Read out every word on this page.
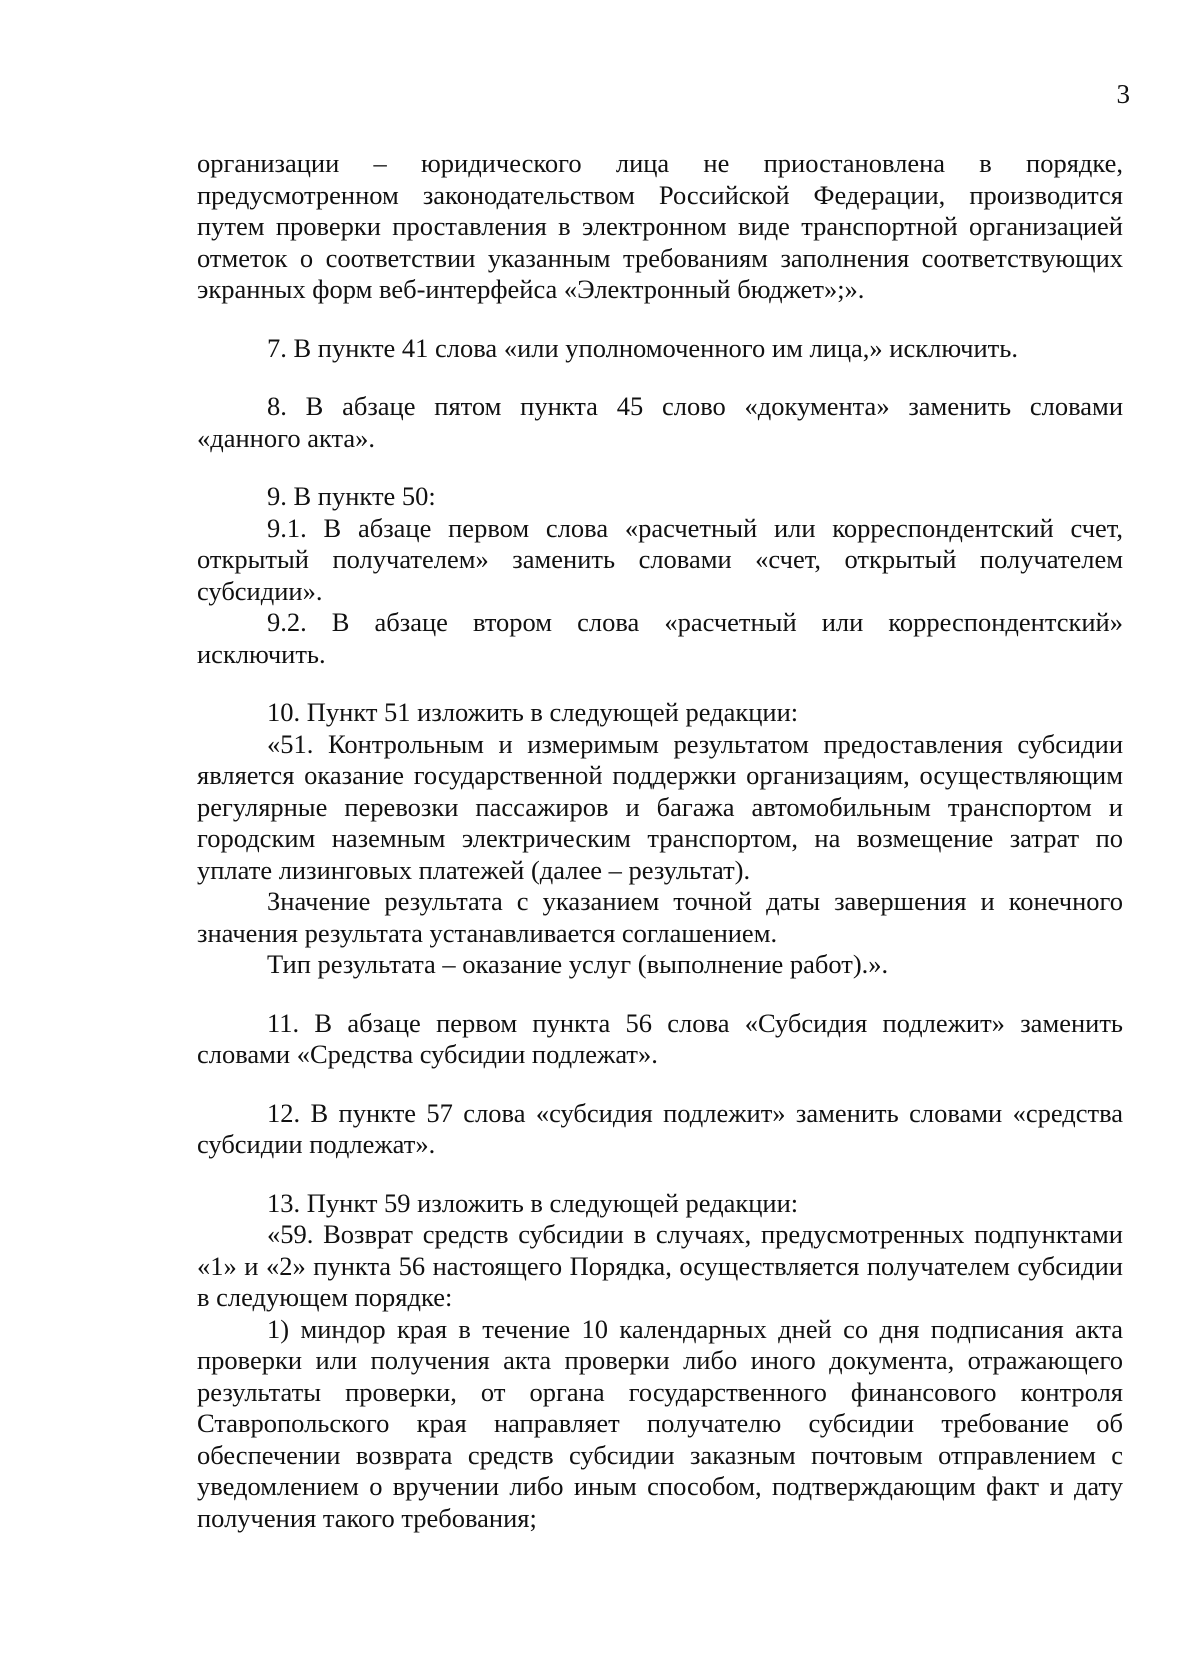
3

организации – юридического лица не приостановлена в порядке, предусмотренном законодательством Российской Федерации, производится путем проверки проставления в электронном виде транспортной организацией отметок о соответствии указанным требованиям заполнения соответствующих экранных форм веб-интерфейса «Электронный бюджет»;».

7. В пункте 41 слова «или уполномоченного им лица,» исключить.

8. В абзаце пятом пункта 45 слово «документа» заменить словами «данного акта».

9. В пункте 50:

9.1. В абзаце первом слова «расчетный или корреспондентский счет, открытый получателем» заменить словами «счет, открытый получателем субсидии».

9.2. В абзаце втором слова «расчетный или корреспондентский» исключить.

10. Пункт 51 изложить в следующей редакции:

«51. Контрольным и измеримым результатом предоставления субсидии является оказание государственной поддержки организациям, осуществляющим регулярные перевозки пассажиров и багажа автомобильным транспортом и городским наземным электрическим транспортом, на возмещение затрат по уплате лизинговых платежей (далее – результат).

Значение результата с указанием точной даты завершения и конечного значения результата устанавливается соглашением.

Тип результата – оказание услуг (выполнение работ).».

11. В абзаце первом пункта 56 слова «Субсидия подлежит» заменить словами «Средства субсидии подлежат».

12. В пункте 57 слова «субсидия подлежит» заменить словами «средства субсидии подлежат».

13. Пункт 59 изложить в следующей редакции:

«59. Возврат средств субсидии в случаях, предусмотренных подпунктами «1» и «2» пункта 56 настоящего Порядка, осуществляется получателем субсидии в следующем порядке:

1) миндор края в течение 10 календарных дней со дня подписания акта проверки или получения акта проверки либо иного документа, отражающего результаты проверки, от органа государственного финансового контроля Ставропольского края направляет получателю субсидии требование об обеспечении возврата средств субсидии заказным почтовым отправлением с уведомлением о вручении либо иным способом, подтверждающим факт и дату получения такого требования;
